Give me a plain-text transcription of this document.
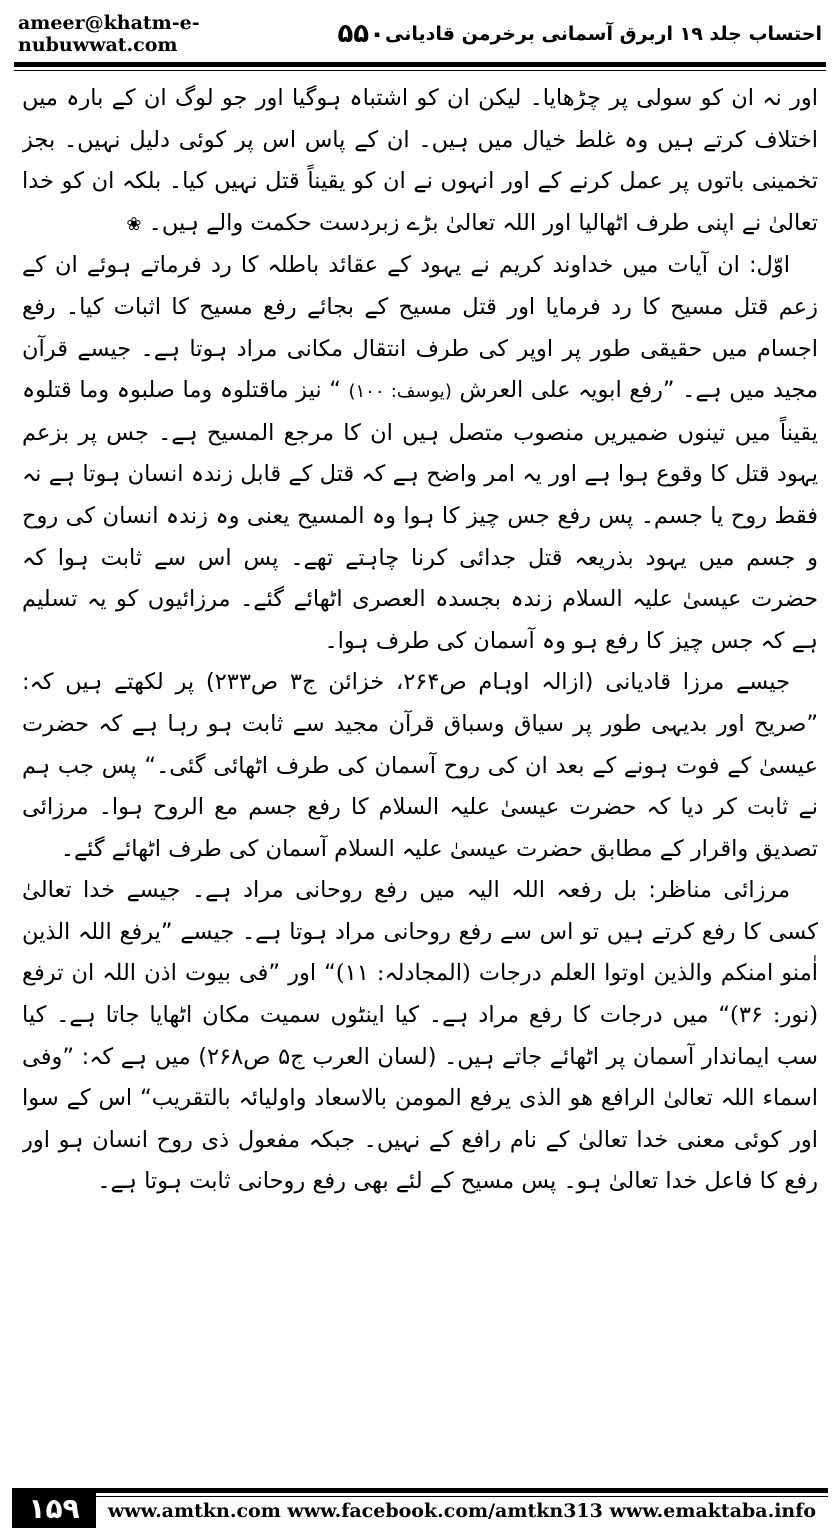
ameer@khatm-e-nubuwwat.com	۵۵۰ احتساب جلد ۱۹ اربرق آسمانی برخرمن قادیانی

اور نہ ان کو سولی پر چڑھایا۔ لیکن ان کو اشتباہ ہوگیا اور جو لوگ ان کے بارہ میں اختلاف کرتے ہیں وہ غلط خیال میں ہیں۔ ان کے پاس اس پر کوئی دلیل نہیں۔ بجز تخمینی باتوں پر عمل کرنے کے اور انہوں نے ان کو یقیناً قتل نہیں کیا۔ بلکہ ان کو خدا تعالیٰ نے اپنی طرف اٹھالیا اور اللہ تعالیٰ بڑے زبردست حکمت والے ہیں۔ ❀

اوّل: ان آیات میں خداوند کریم نے یہود کے عقائد باطلہ کا رد فرماتے ہوئے ان کے زعم قتل مسیح کا رد فرمایا اور قتل مسیح کے بجائے رفع مسیح کا اثبات کیا۔ رفع اجسام میں حقیقی طور پر اوپر کی طرف انتقال مکانی مراد ہوتا ہے۔ جیسے قرآن مجید میں ہے۔ ”رفع ابویہ علی العرش (یوسف: ۱۰۰) “ نیز ماقتلوہ وما صلبوہ وما قتلوہ یقیناً میں تینوں ضمیریں منصوب متصل ہیں ان کا مرجع المسیح ہے۔ جس پر بزعم یہود قتل کا وقوع ہوا ہے اور یہ امر واضح ہے کہ قتل کے قابل زندہ انسان ہوتا ہے نہ فقط روح یا جسم۔ پس رفع جس چیز کا ہوا وہ المسیح یعنی وہ زندہ انسان کی روح و جسم میں یہود بذریعہ قتل جدائی کرنا چاہتے تھے۔ پس اس سے ثابت ہوا کہ حضرت عیسیٰ علیہ السلام زندہ بجسدہ العصری اٹھائے گئے۔ مرزائیوں کو یہ تسلیم ہے کہ جس چیز کا رفع ہو وہ آسمان کی طرف ہوا۔

جیسے مرزا قادیانی (ازالہ اوہام ص۲۶۴، خزائن ج۳ ص۲۳۳) پر لکھتے ہیں کہ: ”صریح اور بدیہی طور پر سیاق وسباق قرآن مجید سے ثابت ہو رہا ہے کہ حضرت عیسیٰ کے فوت ہونے کے بعد ان کی روح آسمان کی طرف اٹھائی گئی۔“ پس جب ہم نے ثابت کر دیا کہ حضرت عیسیٰ علیہ السلام کا رفع جسم مع الروح ہوا۔ مرزائی تصدیق واقرار کے مطابق حضرت عیسیٰ علیہ السلام آسمان کی طرف اٹھائے گئے۔

مرزائی مناظر: بل رفعہ اللہ الیہ میں رفع روحانی مراد ہے۔ جیسے خدا تعالیٰ کسی کا رفع کرتے ہیں تو اس سے رفع روحانی مراد ہوتا ہے۔ جیسے ”یرفع اللہ الذین اٰمنو امنکم والذین اوتوا العلم درجات (المجادلہ: ۱۱)“ اور ”فی بیوت اذن اللہ ان ترفع (نور: ۳۶)“ میں درجات کا رفع مراد ہے۔ کیا اینٹوں سمیت مکان اٹھایا جاتا ہے۔ کیا سب ایماندار آسمان پر اٹھائے جاتے ہیں۔ (لسان العرب ج۵ ص۲۶۸) میں ہے کہ: ”وفی اسماء اللہ تعالیٰ الرافع ھو الذی یرفع المومن بالاسعاد واولیائہ بالتقریب“ اس کے سوا اور کوئی معنی خدا تعالیٰ کے نام رافع کے نہیں۔ جبکہ مفعول ذی روح انسان ہو اور رفع کا فاعل خدا تعالیٰ ہو۔ پس مسیح کے لئے بھی رفع روحانی ثابت ہوتا ہے۔

۱۵۹	www.amtkn.com www.facebook.com/amtkn313 www.emaktaba.info
